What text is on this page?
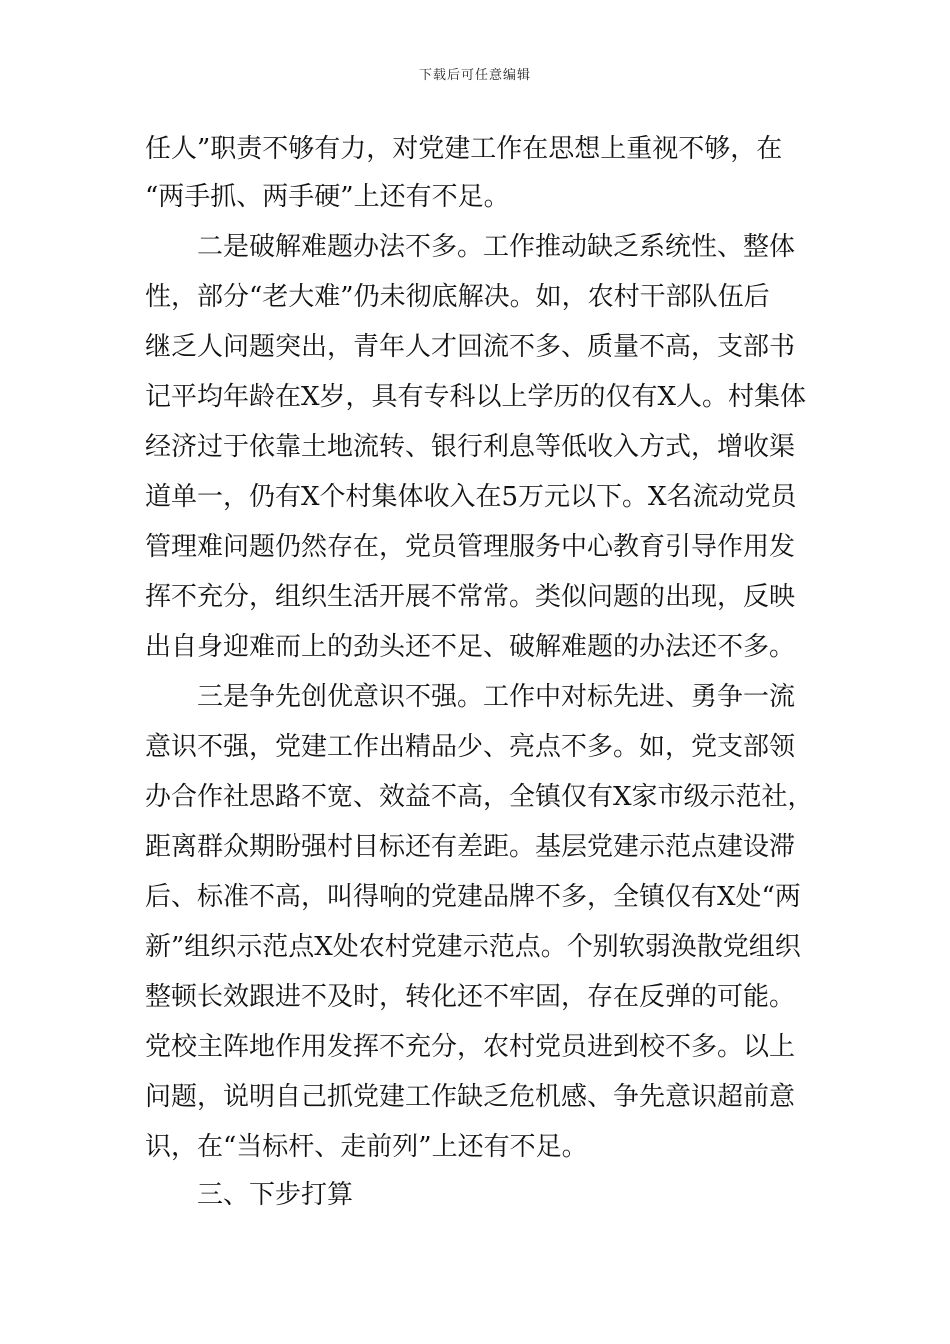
下载后可任意编辑
任人”职责不够有力，对党建工作在思想上重视不够，在
“两手抓、两手硬”上还有不足。
二是破解难题办法不多。工作推动缺乏系统性、整体
性，部分“老大难”仍未彻底解决。如，农村干部队伍后
继乏人问题突出，青年人才回流不多、质量不高，支部书
记平均年龄在X岁，具有专科以上学历的仅有X人。村集体
经济过于依靠土地流转、银行利息等低收入方式，增收渠
道单一，仍有X个村集体收入在5万元以下。X名流动党员
管理难问题仍然存在，党员管理服务中心教育引导作用发
挥不充分，组织生活开展不常常。类似问题的出现，反映
出自身迎难而上的劲头还不足、破解难题的办法还不多。
三是争先创优意识不强。工作中对标先进、勇争一流
意识不强，党建工作出精品少、亮点不多。如，党支部领
办合作社思路不宽、效益不高，全镇仅有X家市级示范社，
距离群众期盼强村目标还有差距。基层党建示范点建设滞
后、标准不高，叫得响的党建品牌不多，全镇仅有X处“两
新”组织示范点X处农村党建示范点。个别软弱涣散党组织
整顿长效跟进不及时，转化还不牢固，存在反弹的可能。
党校主阵地作用发挥不充分，农村党员进到校不多。以上
问题，说明自己抓党建工作缺乏危机感、争先意识超前意
识，在“当标杆、走前列”上还有不足。
三、下步打算
